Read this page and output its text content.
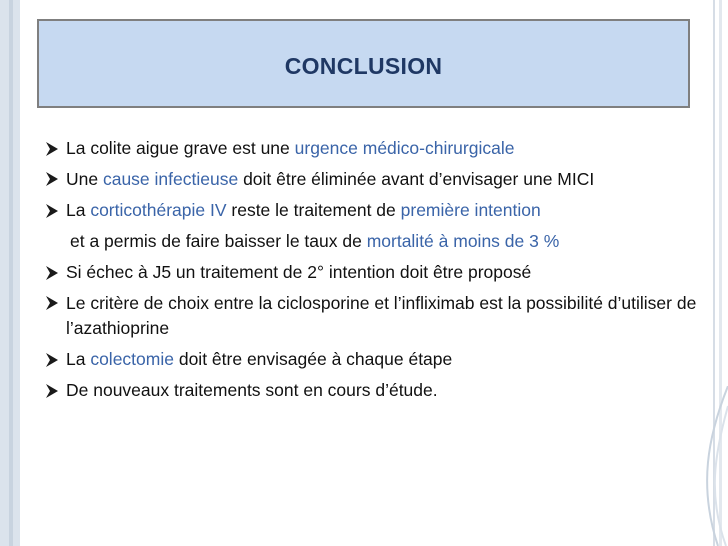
CONCLUSION
La colite aigue grave est une urgence médico-chirurgicale
Une cause infectieuse doit être éliminée avant d’envisager une MICI
La corticothérapie IV reste le traitement de première intention
et a permis de faire baisser le taux de mortalité à moins de 3 %
Si échec à J5 un traitement de 2° intention doit être proposé
Le critère de choix entre la ciclosporine et l’infliximab est la possibilité d’utiliser de l’azathioprine
La colectomie doit être envisagée à chaque étape
De nouveaux traitements sont en cours d’étude.
